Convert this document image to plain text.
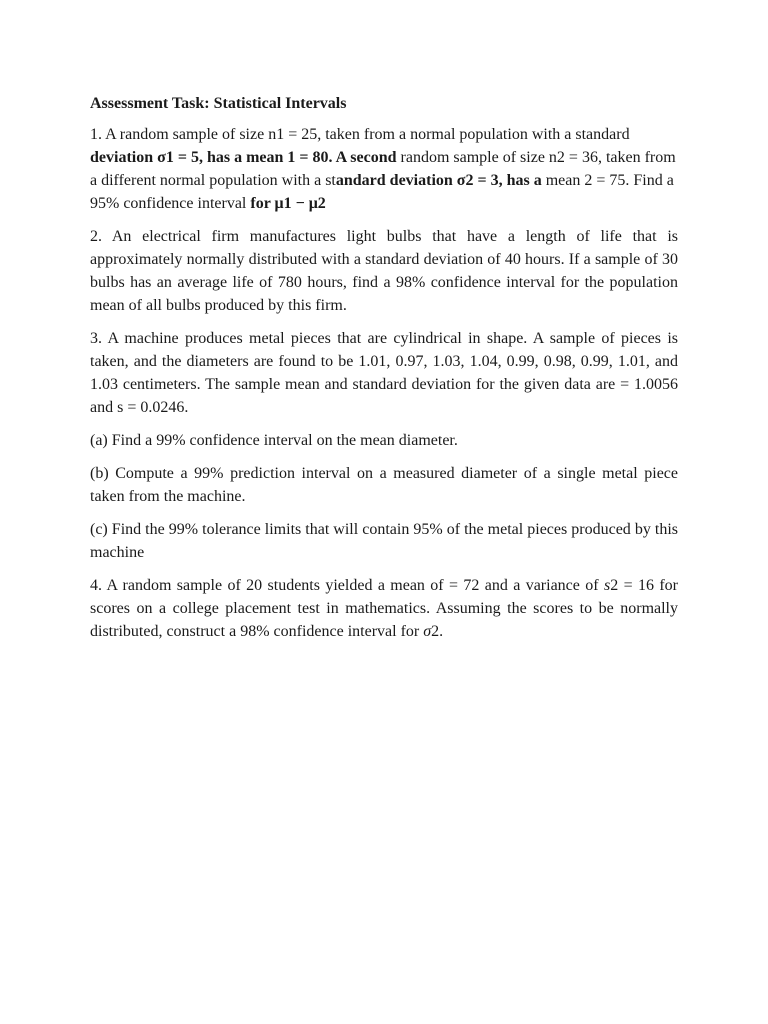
Assessment Task: Statistical Intervals

1. A random sample of size n1 = 25, taken from a normal population with a standard deviation σ1 = 5, has a mean 1 = 80. A second random sample of size n2 = 36, taken from a different normal population with a standard deviation σ2 = 3, has a mean 2 = 75. Find a 95% confidence interval for μ1 − μ2

2. An electrical firm manufactures light bulbs that have a length of life that is approximately normally distributed with a standard deviation of 40 hours. If a sample of 30 bulbs has an average life of 780 hours, find a 98% confidence interval for the population mean of all bulbs produced by this firm.

3. A machine produces metal pieces that are cylindrical in shape. A sample of pieces is taken, and the diameters are found to be 1.01, 0.97, 1.03, 1.04, 0.99, 0.98, 0.99, 1.01, and 1.03 centimeters. The sample mean and standard deviation for the given data are = 1.0056 and s = 0.0246.

(a) Find a 99% confidence interval on the mean diameter.

(b) Compute a 99% prediction interval on a measured diameter of a single metal piece taken from the machine.

(c) Find the 99% tolerance limits that will contain 95% of the metal pieces produced by this machine

4. A random sample of 20 students yielded a mean of = 72 and a variance of s2 = 16 for scores on a college placement test in mathematics. Assuming the scores to be normally distributed, construct a 98% confidence interval for σ2.
